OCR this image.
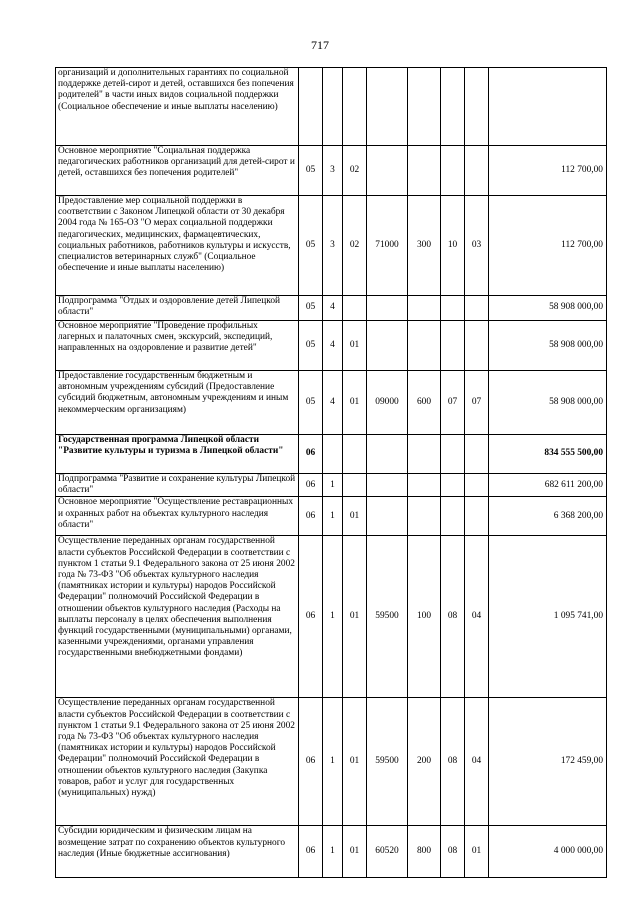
717
организаций и дополнительных гарантиях по социальной поддержке детей-сирот и детей, оставшихся без попечения родителей" в части иных видов социальной поддержки (Социальное обеспечение и иные выплаты населению)								
Основное мероприятие "Социальная поддержка педагогических работников организаций для детей-сирот и детей, оставшихся без попечения родителей"	05	3	02					112 700,00
Предоставление мер социальной поддержки в соответствии с Законом Липецкой области от 30 декабря 2004 года № 165-ОЗ "О мерах социальной поддержки педагогических, медицинских, фармацевтических, социальных работников, работников культуры и искусств, специалистов ветеринарных служб" (Социальное обеспечение и иные выплаты населению)	05	3	02	71000	300	10	03	112 700,00
Подпрограмма "Отдых и оздоровление детей Липецкой области"	05	4						58 908 000,00
Основное мероприятие "Проведение профильных лагерных и палаточных смен, экскурсий, экспедиций, направленных на оздоровление и развитие детей"	05	4	01					58 908 000,00
Предоставление государственным бюджетным и автономным учреждениям субсидий (Предоставление субсидий бюджетным, автономным учреждениям и иным некоммерческим организациям)	05	4	01	09000	600	07	07	58 908 000,00
Государственная программа Липецкой области "Развитие культуры и туризма в Липецкой области"	06							834 555 500,00
Подпрограмма "Развитие и сохранение культуры Липецкой области"	06	1						682 611 200,00
Основное мероприятие "Осуществление реставрационных и охранных работ на объектах культурного наследия области"	06	1	01					6 368 200,00
Осуществление переданных органам государственной власти субъектов Российской Федерации в соответствии с пунктом 1 статьи 9.1 Федерального закона от 25 июня 2002 года № 73-ФЗ "Об объектах культурного наследия (памятниках истории и культуры) народов Российской Федерации" полномочий Российской Федерации в отношении объектов культурного наследия (Расходы на выплаты персоналу в целях обеспечения выполнения функций государственными (муниципальными) органами, казенными учреждениями, органами управления государственными внебюджетными фондами)	06	1	01	59500	100	08	04	1 095 741,00
Осуществление переданных органам государственной власти субъектов Российской Федерации в соответствии с пунктом 1 статьи 9.1 Федерального закона от 25 июня 2002 года № 73-ФЗ "Об объектах культурного наследия (памятниках истории и культуры) народов Российской Федерации" полномочий Российской Федерации в отношении объектов культурного наследия (Закупка товаров, работ и услуг для государственных (муниципальных) нужд)	06	1	01	59500	200	08	04	172 459,00
Субсидии юридическим и физическим лицам на возмещение затрат по сохранению объектов культурного наследия (Иные бюджетные ассигнования)	06	1	01	60520	800	08	01	4 000 000,00
